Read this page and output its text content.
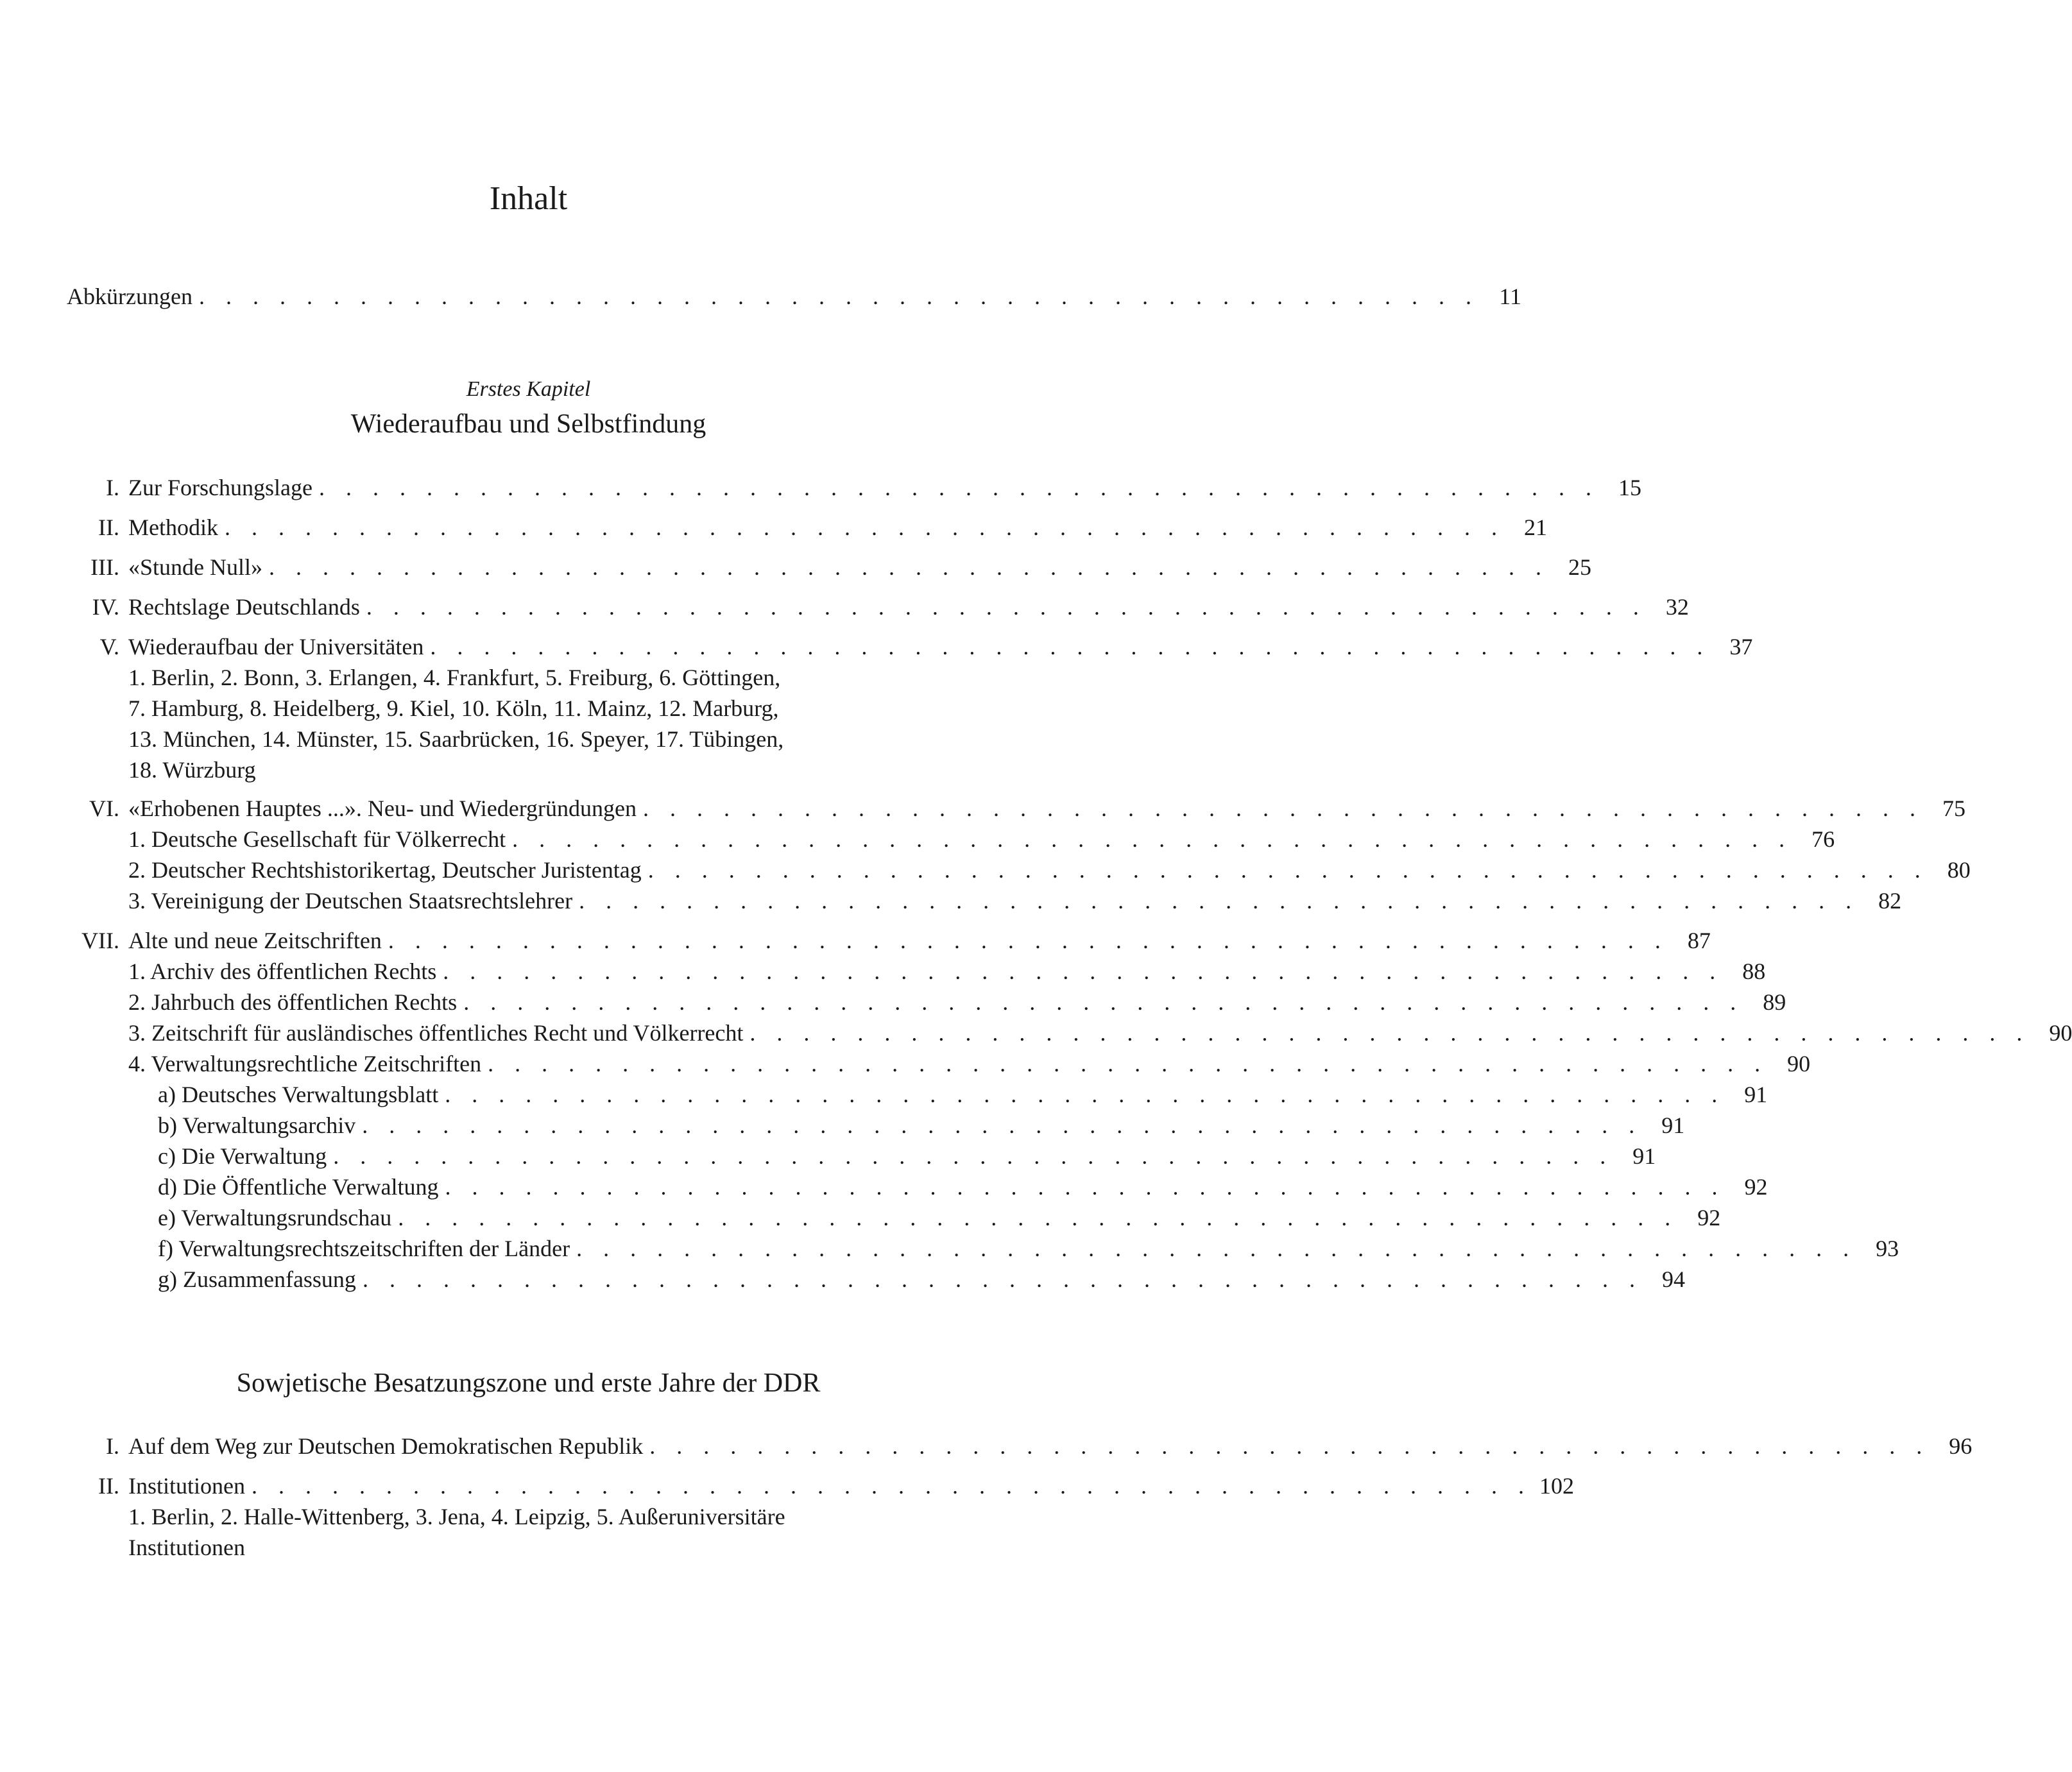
Inhalt
Abkürzungen . . . . . . . . . . . . . . . . . . . . . . . . . . . . . . . . . . . . . . . . . . . . . . . . 11
Erstes Kapitel
Wiederaufbau und Selbstfindung
I. Zur Forschungslage . . . . . . . . . . . . . . . . . . . . . . . . . . . . . . . . . . . . . . . . . . . . . . . . 15
II. Methodik . . . . . . . . . . . . . . . . . . . . . . . . . . . . . . . . . . . . . . . . . . . . . . . . 21
III. «Stunde Null» . . . . . . . . . . . . . . . . . . . . . . . . . . . . . . . . . . . . . . . . . . . . . . . . 25
IV. Rechtslage Deutschlands . . . . . . . . . . . . . . . . . . . . . . . . . . . . . . . . . . . . . . . . . . . . . . . . 32
V. Wiederaufbau der Universitäten . . . . . . . . . . . . . . . . . . . . . . . . . . . . . . . . . . . . . . . . . . . . . . . . 37
1. Berlin, 2. Bonn, 3. Erlangen, 4. Frankfurt, 5. Freiburg, 6. Göttingen,
7. Hamburg, 8. Heidelberg, 9. Kiel, 10. Köln, 11. Mainz, 12. Marburg,
13. München, 14. Münster, 15. Saarbrücken, 16. Speyer, 17. Tübingen,
18. Würzburg
VI. «Erhobenen Hauptes ...». Neu- und Wiedergründungen . . . . . . . . . . . . . . . . . . . . . . . . . . . . . . . . . . . . . . . . . . . . . . . . 75
1. Deutsche Gesellschaft für Völkerrecht . . . . . . . . . . . . . . . . . . . . . . . . . . . . . . . . . . . . . . . . . . . . . . . . 76
2. Deutscher Rechtshistorikertag, Deutscher Juristentag . . . . . . . . . . . . . . . . . . . . . . . . . . . . . . . . . . . . . . . . . . . . . . . . 80
3. Vereinigung der Deutschen Staatsrechtslehrer . . . . . . . . . . . . . . . . . . . . . . . . . . . . . . . . . . . . . . . . . . . . . . . . 82
VII. Alte und neue Zeitschriften . . . . . . . . . . . . . . . . . . . . . . . . . . . . . . . . . . . . . . . . . . . . . . . . 87
1. Archiv des öffentlichen Rechts . . . . . . . . . . . . . . . . . . . . . . . . . . . . . . . . . . . . . . . . . . . . . . . . 88
2. Jahrbuch des öffentlichen Rechts . . . . . . . . . . . . . . . . . . . . . . . . . . . . . . . . . . . . . . . . . . . . . . . . 89
3. Zeitschrift für ausländisches öffentliches Recht und Völkerrecht . . . . . . . . . . . . . . . . . . . . . . . . . . . . . . . . . . . . . . . . . . . . . . . . 90
4. Verwaltungsrechtliche Zeitschriften . . . . . . . . . . . . . . . . . . . . . . . . . . . . . . . . . . . . . . . . . . . . . . . . 90
a) Deutsches Verwaltungsblatt . . . . . . . . . . . . . . . . . . . . . . . . . . . . . . . . . . . . . . . . . . . . . . . . 91
b) Verwaltungsarchiv . . . . . . . . . . . . . . . . . . . . . . . . . . . . . . . . . . . . . . . . . . . . . . . . 91
c) Die Verwaltung . . . . . . . . . . . . . . . . . . . . . . . . . . . . . . . . . . . . . . . . . . . . . . . . 91
d) Die Öffentliche Verwaltung . . . . . . . . . . . . . . . . . . . . . . . . . . . . . . . . . . . . . . . . . . . . . . . . 92
e) Verwaltungsrundschau . . . . . . . . . . . . . . . . . . . . . . . . . . . . . . . . . . . . . . . . . . . . . . . . 92
f) Verwaltungsrechtszeitschriften der Länder . . . . . . . . . . . . . . . . . . . . . . . . . . . . . . . . . . . . . . . . . . . . . . . . 93
g) Zusammenfassung . . . . . . . . . . . . . . . . . . . . . . . . . . . . . . . . . . . . . . . . . . . . . . . . 94
Sowjetische Besatzungszone und erste Jahre der DDR
I. Auf dem Weg zur Deutschen Demokratischen Republik . . . . . . . . . . . . . . . . . . . . . . . . . . . . . . . . . . . . . . . . . . . . . . . . 96
II. Institutionen . . . . . . . . . . . . . . . . . . . . . . . . . . . . . . . . . . . . . . . . . . . . . . . . 102
1. Berlin, 2. Halle-Wittenberg, 3. Jena, 4. Leipzig, 5. Außeruniversitäre
Institutionen
